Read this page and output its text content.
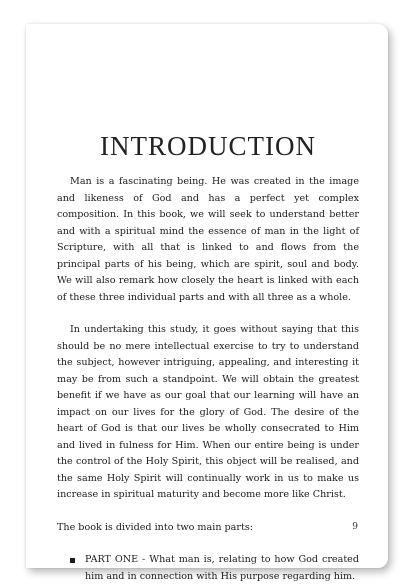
INTRODUCTION

Man is a fascinating being. He was created in the image and likeness of God and has a perfect yet complex composition. In this book, we will seek to understand better and with a spiritual mind the essence of man in the light of Scripture, with all that is linked to and flows from the principal parts of his being, which are spirit, soul and body. We will also remark how closely the heart is linked with each of these three individual parts and with all three as a whole.

In undertaking this study, it goes without saying that this should be no mere intellectual exercise to try to understand the subject, however intriguing, appealing, and interesting it may be from such a standpoint. We will obtain the greatest benefit if we have as our goal that our learning will have an impact on our lives for the glory of God. The desire of the heart of God is that our lives be wholly consecrated to Him and lived in fulness for Him. When our entire being is under the control of the Holy Spirit, this object will be realised, and the same Holy Spirit will continually work in us to make us increase in spiritual maturity and become more like Christ.

The book is divided into two main parts:

PART ONE - What man is, relating to how God created him and in connection with His purpose regarding him.
9
